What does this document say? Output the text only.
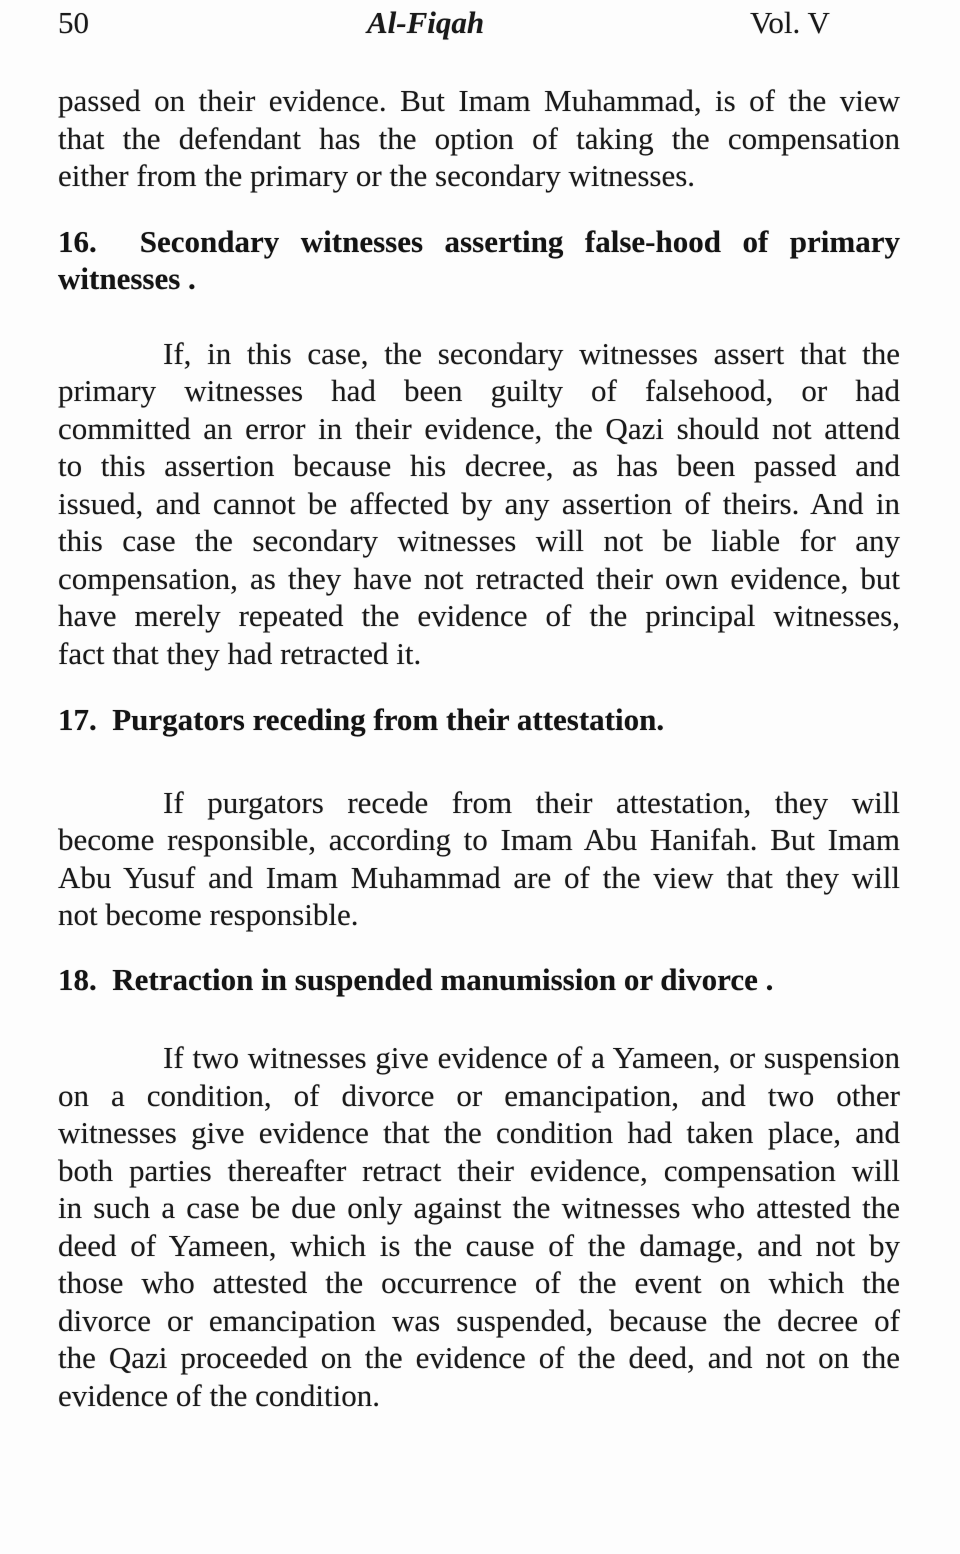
50	Al-Fiqah	Vol. V
passed on their evidence. But Imam Muhammad, is of the view
that the defendant has the option of taking the compensation
either from the primary or the secondary witnesses.
16.  Secondary witnesses asserting false-hood of primary
witnesses .
If, in this case, the secondary witnesses assert that the
primary witnesses had been guilty of falsehood, or had
committed an error in their evidence, the Qazi should not attend
to this assertion because his decree, as has been passed and
issued, and cannot be affected by any assertion of theirs. And in
this case the secondary witnesses will not be liable for any
compensation, as they have not retracted their own evidence, but
have merely repeated the evidence of the principal witnesses,
fact that they had retracted it.
17.  Purgators receding from their attestation.
If purgators recede from their attestation, they will
become responsible, according to Imam Abu Hanifah. But Imam
Abu Yusuf and Imam Muhammad are of the view that they will
not become responsible.
18.  Retraction in suspended manumission or divorce .
If two witnesses give evidence of a Yameen, or suspension
on a condition, of divorce or emancipation, and two other
witnesses give evidence that the condition had taken place, and
both parties thereafter retract their evidence, compensation will
in such a case be due only against the witnesses who attested the
deed of Yameen, which is the cause of the damage, and not by
those who attested the occurrence of the event on which the
divorce or emancipation was suspended, because the decree of
the Qazi proceeded on the evidence of the deed, and not on the
evidence of the condition.
